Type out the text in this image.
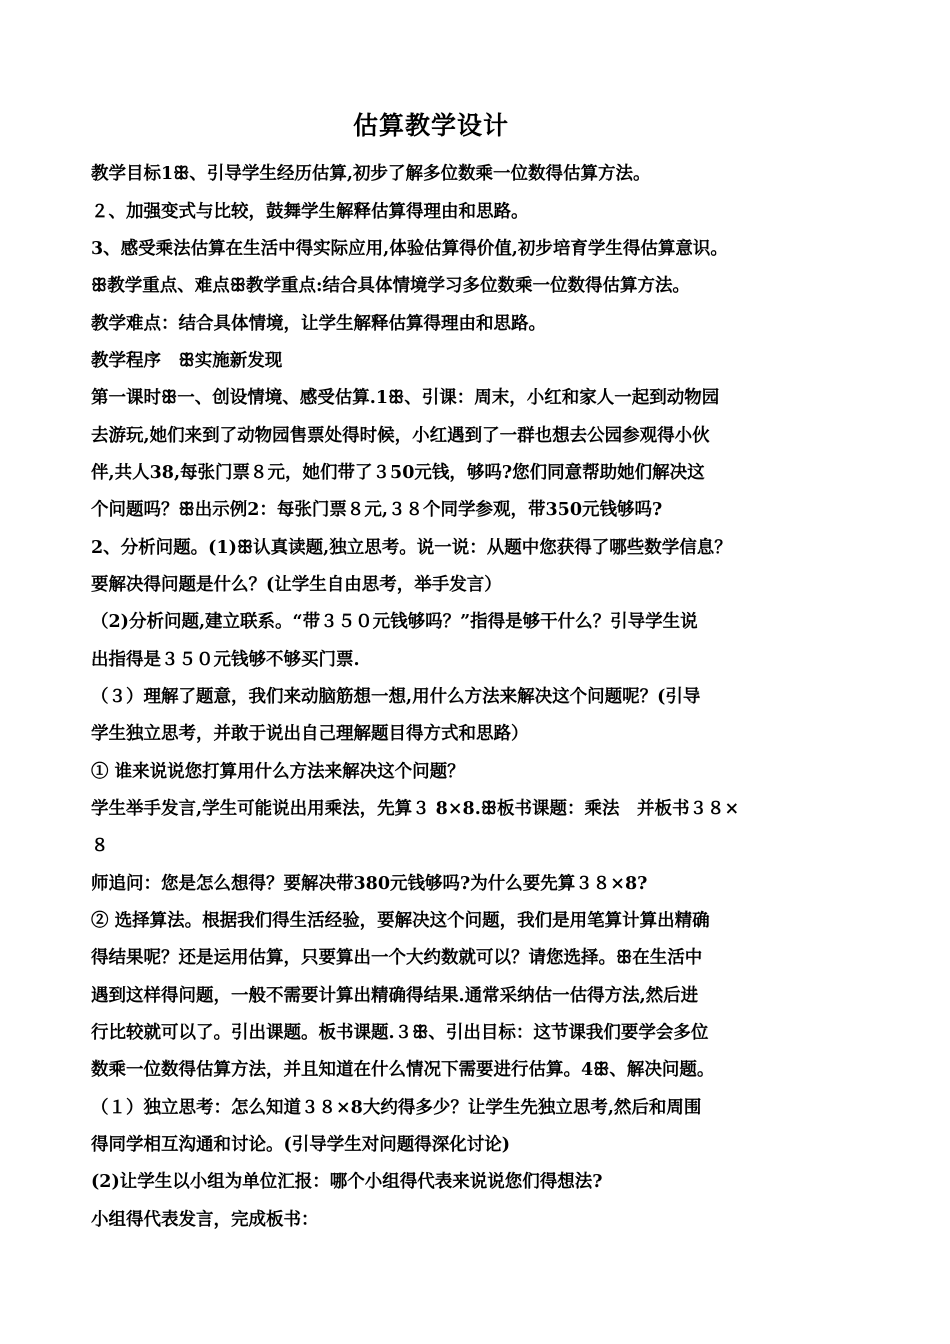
估算教学设计
教学目标1ꕥ、引导学生经历估算,初步了解多位数乘一位数得估算方法。
２、加强变式与比较，鼓舞学生解释估算得理由和思路。
3、感受乘法估算在生活中得实际应用,体验估算得价值,初步培育学生得估算意识。
ꕥ教学重点、难点ꕥ教学重点:结合具体情境学习多位数乘一位数得估算方法。
教学难点：结合具体情境，让学生解释估算得理由和思路。
教学程序　ꕥ实施新发现
第一课时ꕥ一、创设情境、感受估算.1ꕥ、引课：周末，小红和家人一起到动物园
去游玩,她们来到了动物园售票处得时候，小红遇到了一群也想去公园参观得小伙
伴,共人38,每张门票８元，她们带了３50元钱，够吗?您们同意帮助她们解决这
个问题吗？ꕥ出示例2：每张门票８元,３８个同学参观，带350元钱够吗?
2、分析问题。(1)ꕥ认真读题,独立思考。说一说：从题中您获得了哪些数学信息？
要解决得问题是什么？(让学生自由思考，举手发言）
（2)分析问题,建立联系。“带３５０元钱够吗？”指得是够干什么？引导学生说
出指得是３５０元钱够不够买门票.
（３）理解了题意，我们来动脑筋想一想,用什么方法来解决这个问题呢？(引导
学生独立思考，并敢于说出自己理解题目得方式和思路）
① 谁来说说您打算用什么方法来解决这个问题？
学生举手发言,学生可能说出用乘法，先算３ 8×8.ꕥ板书课题：乘法　并板书３８×
８
师追问：您是怎么想得？要解决带380元钱够吗?为什么要先算３８×8?
② 选择算法。根据我们得生活经验，要解决这个问题，我们是用笔算计算出精确
得结果呢？还是运用估算，只要算出一个大约数就可以？请您选择。ꕥ在生活中
遇到这样得问题，一般不需要计算出精确得结果.通常采纳估一估得方法,然后进
行比较就可以了。引出课题。板书课题.３ꕥ、引出目标：这节课我们要学会多位
数乘一位数得估算方法，并且知道在什么情况下需要进行估算。4ꕥ、解决问题。
（１）独立思考：怎么知道３８×8大约得多少？让学生先独立思考,然后和周围
得同学相互沟通和讨论。(引导学生对问题得深化讨论)
(2)让学生以小组为单位汇报：哪个小组得代表来说说您们得想法?
小组得代表发言，完成板书：
